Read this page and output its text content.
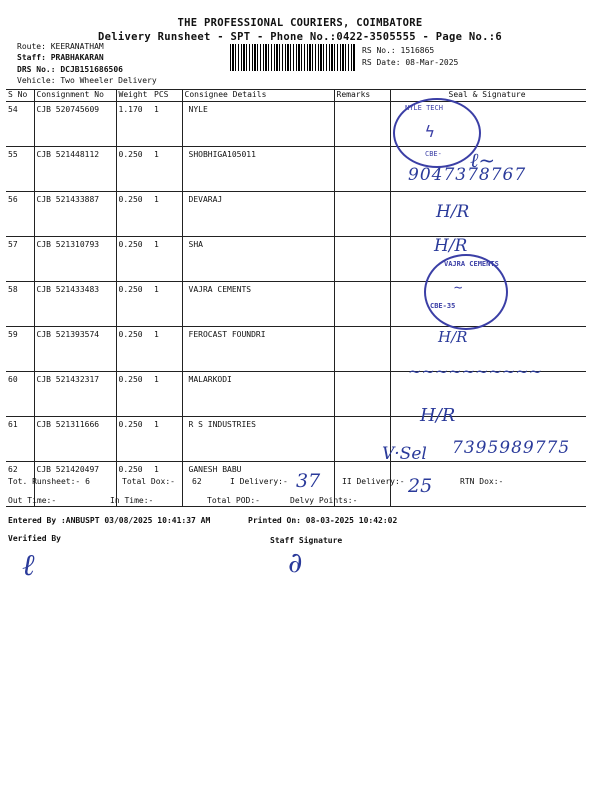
THE PROFESSIONAL COURIERS, COIMBATORE
Delivery Runsheet - SPT - Phone No.:0422-3505555 - Page No.:6
Route: KEERANATHAM
Staff: PRABHAKARAN
DRS No.: DCJB151686506
Vehicle: Two Wheeler Delivery
RS No.: 1516865
RS Date: 08-Mar-2025
S No	Consignment No	Weight	PCS	Consignee Details	Remarks	Seal & Signature
54	CJB 520745609	1.170	1	NYLE		
55	CJB 521448112	0.250	1	SHOBHIGA105011		
56	CJB 521433887	0.250	1	DEVARAJ		
57	CJB 521310793	0.250	1	SHA		
58	CJB 521433483	0.250	1	VAJRA CEMENTS		
59	CJB 521393574	0.250	1	FEROCAST FOUNDRI		
60	CJB 521432317	0.250	1	MALARKODI		
61	CJB 521311666	0.250	1	R S INDUSTRIES		
62	CJB 521420497	0.250	1	GANESH BABU		
NYLE TECH
ϟ
CBE- ℓ~
9047378767
H/R
H/R
VAJRA CEMENTS
∼
CBE-35
H/R
~~~~~~~~~~
H/R
V·Sel 7395989775
Tot. Runsheet:- 6	Total Dox:- 62	I Delivery:- 37	II Delivery:- 25	RTN Dox:-
Out Time:-	In Time:-	Total POD:-	Delvy Points:-
Entered By :ANBUSPT 03/08/2025 10:41:37 AM	Printed On: 08-03-2025 10:42:02
Verified By	Staff Signature
ℓ	∂
